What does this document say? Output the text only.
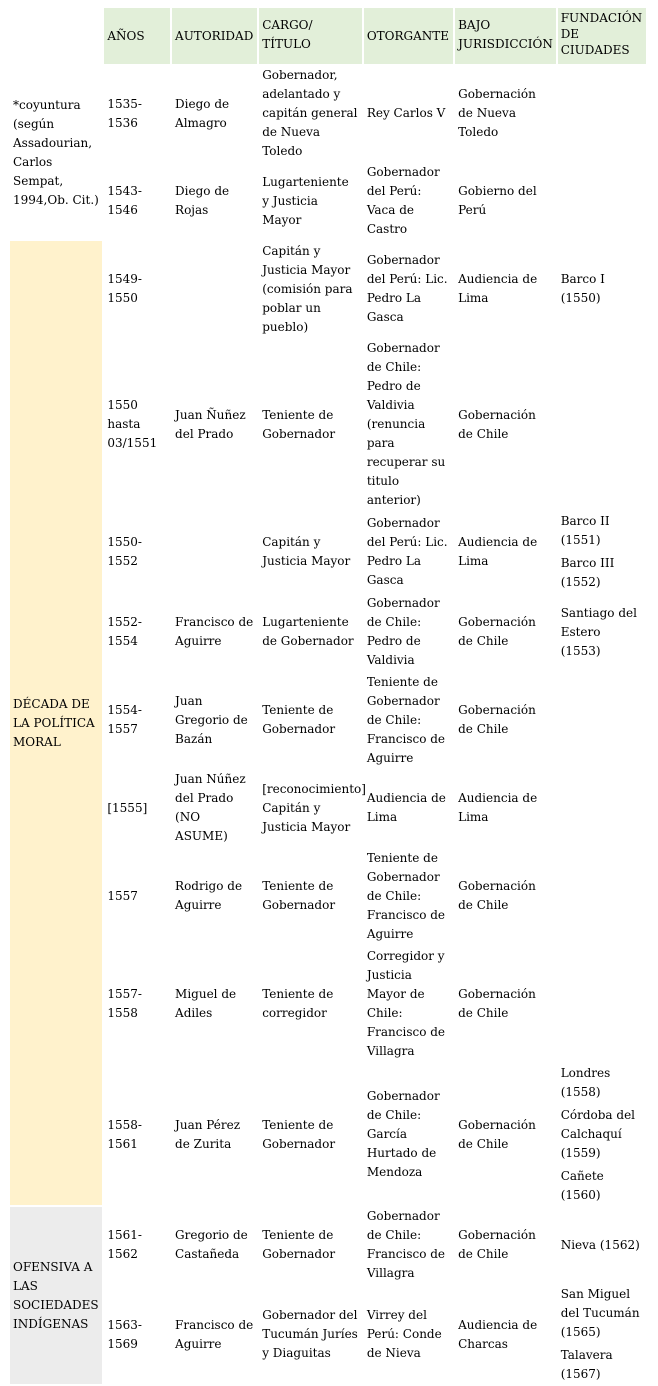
	AÑOS	AUTORIDAD	CARGO/ TÍTULO	OTORGANTE	BAJO JURISDICCIÓN	FUNDACIÓN DE CIUDADES
*coyuntura (según Assadourian, Carlos Sempat, 1994,Ob. Cit.)	1535-1536	Diego de Almagro	Gobernador, adelantado y capitán general de Nueva Toledo	Rey Carlos V	Gobernación de Nueva Toledo	
	1543-1546	Diego de Rojas	Lugarteniente y Justicia Mayor	Gobernador del Perú: Vaca de Castro	Gobierno del Perú	
DÉCADA DE LA POLÍTICA MORAL	1549-1550		Capitán y Justicia Mayor (comisión para poblar un pueblo)	Gobernador del Perú: Lic. Pedro La Gasca	Audiencia de Lima	Barco I (1550)

	1550 hasta 03/1551	Juan Ñuñez del Prado	Teniente de Gobernador	Gobernador de Chile: Pedro de Valdivia (renuncia para recuperar su titulo anterior)	Gobernación de Chile	
	1550-1552		Capitán y Justicia Mayor	Gobernador del Perú: Lic. Pedro La Gasca	Audiencia de Lima	Barco II (1551)
Barco III (1552)

	1552-1554	Francisco de Aguirre	Lugarteniente de Gobernador	Gobernador de Chile: Pedro de Valdivia	Gobernación de Chile	Santiago del Estero (1553)

	1554-1557	Juan Gregorio de Bazán	Teniente de Gobernador	Teniente de Gobernador de Chile: Francisco de Aguirre	Gobernación de Chile	
	[1555]	Juan Núñez del Prado (NO ASUME)	[reconocimiento] Capitán y Justicia Mayor	Audiencia de Lima	Audiencia de Lima	
	1557	Rodrigo de Aguirre	Teniente de Gobernador	Teniente de Gobernador de Chile: Francisco de Aguirre	Gobernación de Chile	
	1557-1558	Miguel de Adiles	Teniente de corregidor	Corregidor y Justicia Mayor de Chile: Francisco de Villagra	Gobernación de Chile	
	1558-1561	Juan Pérez de Zurita	Teniente de Gobernador	Gobernador de Chile: García Hurtado de Mendoza	Gobernación de Chile	Londres (1558)
Córdoba del Calchaquí (1559)
Cañete (1560)

OFENSIVA A LAS SOCIEDADES INDÍGENAS	1561-1562	Gregorio de Castañeda	Teniente de Gobernador	Gobernador de Chile: Francisco de Villagra	Gobernación de Chile	Nieva (1562)

	1563-1569	Francisco de Aguirre	Gobernador del Tucumán Juríes y Diaguitas	Virrey del Perú: Conde de Nieva	Audiencia de Charcas	San Miguel del Tucumán (1565)
Talavera (1567)
